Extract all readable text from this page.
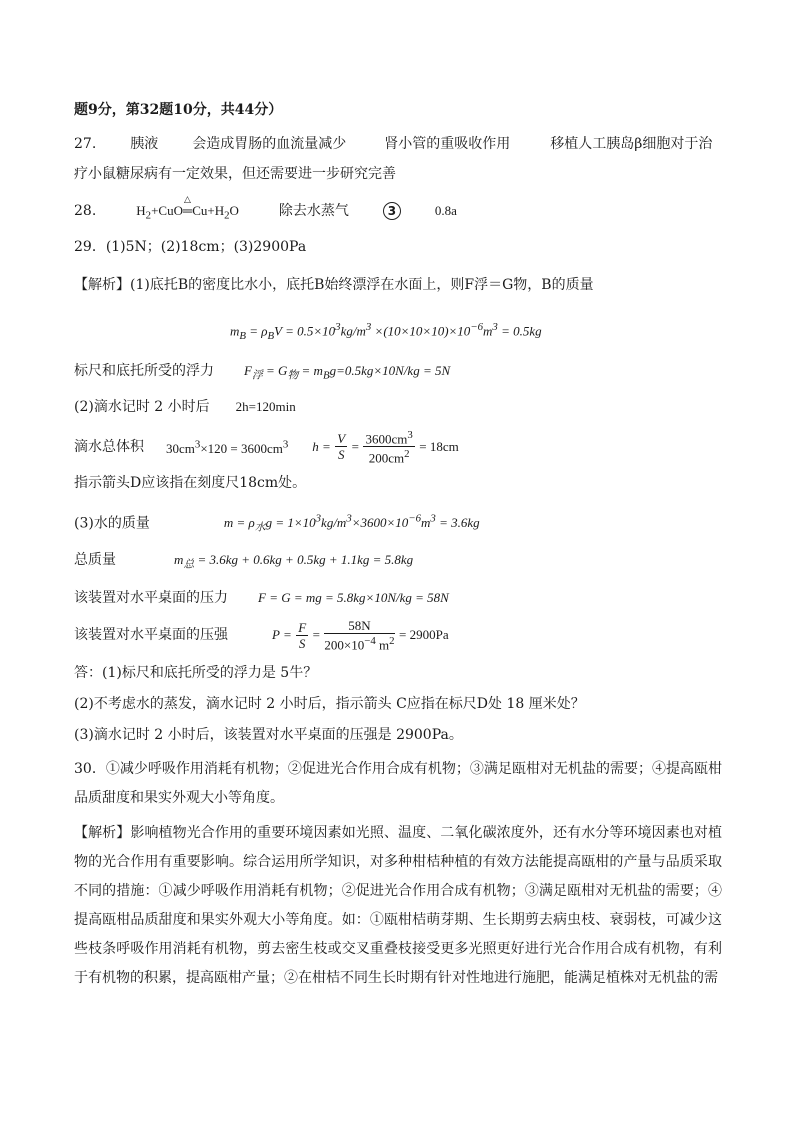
题9分，第32题10分，共44分）
27. 胰液 会造成胃肠的血流量减少	肾小管的重吸收作用	移植人工胰岛β细胞对于治
疗小鼠糖尿病有一定效果，但还需要进一步研究完善
28.	$H_2+CuO\triangle$ $═Cu+H_2O$	除去水蒸气	3	0.8a
29．(1)5N；(2)18cm；(3)2900Pa
【解析】(1)底托B的密度比水小，底托B始终漂浮在水面上，则F浮＝G物，B的质量
$m_B = \rho_BV = 0.5\times 10^3kg/m^3 \times(10\times 10\times 10)\times 10^{-6}m^3 = 0.5kg$
标尺和底托所受的浮力 $F_浮 = G_物 = m_Bg=0.5kg\times 10N/kg = 5N$
(2)滴水记时 2 小时后 2h=120min
滴水总体积 $30cm^3\times 120 = 3600cm^3$ $h = \frac{V}{S} = \frac{3600cm^3}{200cm^2} = 18cm$
指示箭头D应该指在刻度尺18cm处。
(3)水的质量	$m = \rho_水g = 1\times 10^3kg/m^3\times 3600\times 10^{-6}m^3 = 3.6kg$
总质量	$m_总 = 3.6kg + 0.6kg + 0.5kg + 1.1kg = 5.8kg$
该装置对水平桌面的压力 F = G = mg = 5.8kg×10N/kg = 58N
该装置对水平桌面的压强	$P = \frac{F}{S} = \frac{58N}{200\times 10^{-4} m^2} = 2900Pa$
答：(1)标尺和底托所受的浮力是 5牛？
(2)不考虑水的蒸发，滴水记时 2 小时后，指示箭头 C应指在标尺D处 18 厘米处？
(3)滴水记时 2 小时后，该装置对水平桌面的压强是 2900Pa。
30．①减少呼吸作用消耗有机物；②促进光合作用合成有机物；③满足瓯柑对无机盐的需要；④提高瓯柑品质甜度和果实外观大小等角度。
【解析】影响植物光合作用的重要环境因素如光照、温度、二氧化碳浓度外，还有水分等环境因素也对植物的光合作用有重要影响。综合运用所学知识，对多种柑桔种植的有效方法能提高瓯柑的产量与品质采取不同的措施：①减少呼吸作用消耗有机物；②促进光合作用合成有机物；③满足瓯柑对无机盐的需要；④提高瓯柑品质甜度和果实外观大小等角度。如：①瓯柑桔萌芽期、生长期剪去病虫枝、衰弱枝，可减少这些枝条呼吸作用消耗有机物，剪去密生枝或交叉重叠枝接受更多光照更好进行光合作用合成有机物，有利于有机物的积累，提高瓯柑产量；②在柑桔不同生长时期有针对性地进行施肥，能满足植株对无机盐的需
